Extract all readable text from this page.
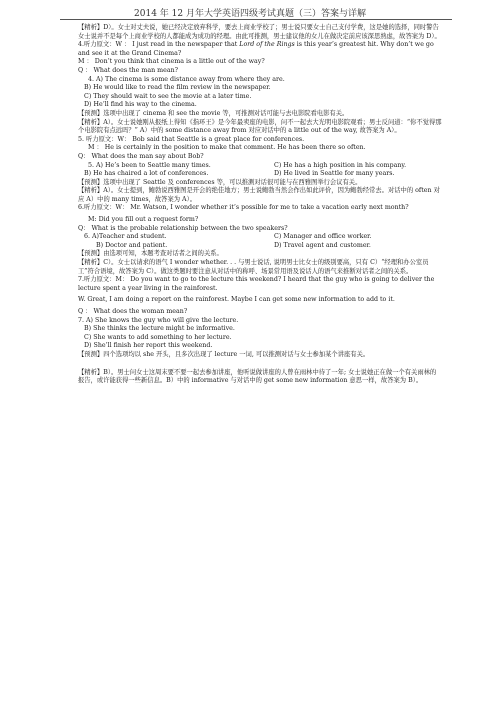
2014 年 12 月年大学英语四级考试真题（三）答案与详解

【精析】D）。女士对丈夫说，她已经决定放弃科学，要去上商业学校了；男士说只要女士自己支付学费，这是她的选择，同时警告女士说并不是每个上商业学校的人都能成为成功的经理。由此可推测，男士建议他的女儿在做决定前应该深思熟虑，故答案为 D）。

4.听力原文：W ： I just read in the newspaper that Lord of the Rings is this year’s greatest hit. Why don’t we go and see it at the Grand Cinema?

M ： Don’t you think that cinema is a little out of the way?

Q ： What does the man mean?

4. A) The cinema is some distance away from where they are.

B) He would like to read the film review in the newspaper.

C) They should wait to see the movie at a later time.

D) He’ll find his way to the cinema.

【预测】选项中出现了 cinema 和 see the movie 等，可推测对话可能与去电影院看电影有关。

【精析】A）。女士说她刚从报纸上得知《指环王》是今年最卖座的电影，问不一起去大光明电影院观看；男士反问道：“你不觉得那个电影院有点远吗？” A）中的 some distance away from 对应对话中的 a little out of the way, 故答案为 A）。

5. 听力原文：W： Bob said that Seattle is a great place for conferences.

M ： He is certainly in the position to make that comment. He has been there so often.

Q： What does the man say about Bob?

5. A) He’s been to Seattle many times.	C) He has a high position in his company.
B) He has chaired a lot of conferences.	D) He lived in Seattle for many years.

【预测】选项中出现了 Seattle 及 conferences 等，可以推测对话很可能与在西雅图举行会议有关。

【精析】A）。女士提到，鲍勃说西雅图是开会的绝佳地方；男士说鲍勃当然会作出如此评价，因为鲍勃经常去。对话中的 often 对应 A）中的 many times，故答案为 A）。

6.听力原文：W： Mr. Watson, I wonder whether it’s possible for me to take a vacation early next month?

M: Did you fill out a request form?

Q： What is the probable relationship between the two speakers?

6. A)Teacher and student.	C) Manager and office worker.
B) Doctor and patient.	D) Travel agent and customer.

【预测】由选项可知，本题考查对话者之间的关系。

【精析】C）。女士以请求的语气 I wonder whether. . . 与男士说话, 说明男士比女士的级别要高，只有 C）“经理和办公室员工”符合语境，故答案为 C）。做这类题时要注意从对话中的称呼、场景常用语及说话人的语气来推断对话者之间的关系。

7.听力原文：M： Do you want to go to the lecture this weekend? I heard that the guy who is going to deliver the lecture spent a year living in the rainforest.

W. Great, I am doing a report on the rainforest. Maybe I can get some new information to add to it.

Q ： What does the woman mean?

7. A) She knows the guy who will give the lecture.

B) She thinks the lecture might be informative.

C) She wants to add something to her lecture.

D) She’ll finish her report this weekend.

【预测】四个选项均以 she 开头，且多次出现了 lecture 一词, 可以推测对话与女士参加某个讲座有关。

【精析】B）。男士问女士这周末要不要一起去参加讲座，他听说做讲座的人曾在雨林中待了一年; 女士说她正在做一个有关雨林的报告，或许能获得一些新信息。B）中的 informative 与对话中的 get some new information 意思一样，故答案为 B）。
